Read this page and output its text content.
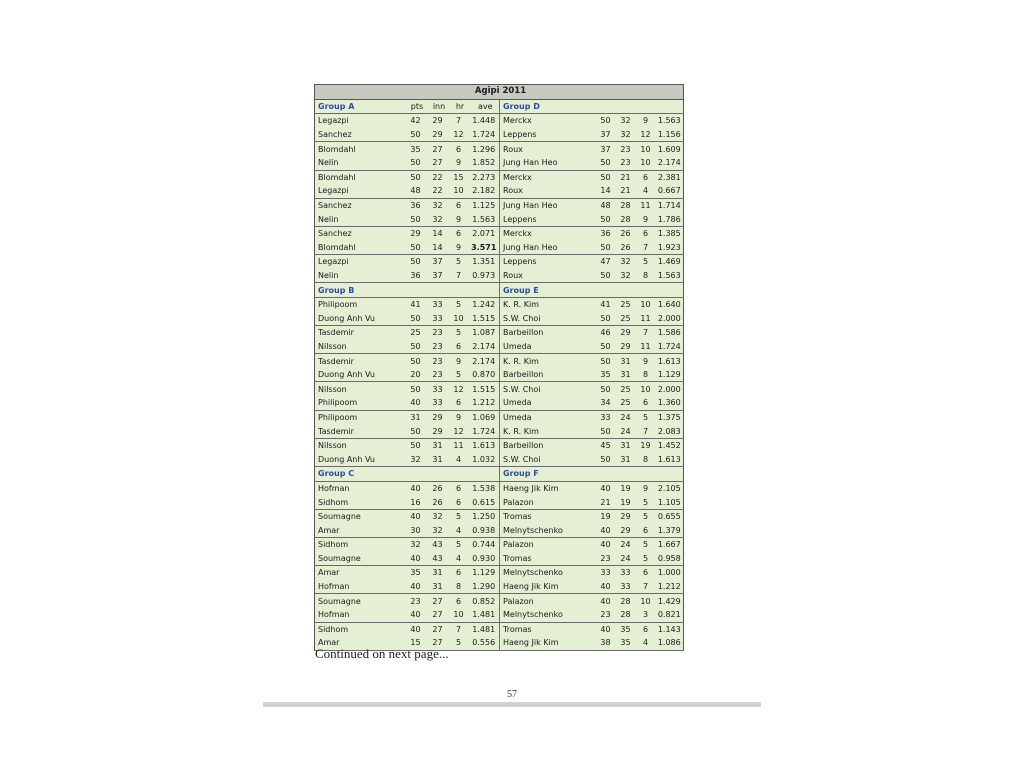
Agipi 2011									
Group A	pts	inn	hr	ave	Group D				
Legazpi	42	29	7	1.448	Merckx	50	32	9	1.563
Sanchez	50	29	12	1.724	Leppens	37	32	12	1.156
Blomdahl	35	27	6	1.296	Roux	37	23	10	1.609
Nelin	50	27	9	1.852	Jung Han Heo	50	23	10	2.174
Blomdahl	50	22	15	2.273	Merckx	50	21	6	2.381
Legazpi	48	22	10	2.182	Roux	14	21	4	0.667
Sanchez	36	32	6	1.125	Jung Han Heo	48	28	11	1.714
Nelin	50	32	9	1.563	Leppens	50	28	9	1.786
Sanchez	29	14	6	2.071	Merckx	36	26	6	1.385
Blomdahl	50	14	9	3.571	Jung Han Heo	50	26	7	1.923
Legazpi	50	37	5	1.351	Leppens	47	32	5	1.469
Nelin	36	37	7	0.973	Roux	50	32	8	1.563
Group B					Group E				
Philipoom	41	33	5	1.242	K. R. Kim	41	25	10	1.640
Duong Anh Vu	50	33	10	1.515	S.W. Choi	50	25	11	2.000
Tasdemir	25	23	5	1.087	Barbeillon	46	29	7	1.586
Nilsson	50	23	6	2.174	Umeda	50	29	11	1.724
Tasdemir	50	23	9	2.174	K. R. Kim	50	31	9	1.613
Duong Anh Vu	20	23	5	0.870	Barbeillon	35	31	8	1.129
Nilsson	50	33	12	1.515	S.W. Choi	50	25	10	2.000
Philipoom	40	33	6	1.212	Umeda	34	25	6	1.360
Philipoom	31	29	9	1.069	Umeda	33	24	5	1.375
Tasdemir	50	29	12	1.724	K. R. Kim	50	24	7	2.083
Nilsson	50	31	11	1.613	Barbeillon	45	31	19	1.452
Duong Anh Vu	32	31	4	1.032	S.W. Choi	50	31	8	1.613
Group C					Group F				
Hofman	40	26	6	1.538	Haeng Jik Kim	40	19	9	2.105
Sidhom	16	26	6	0.615	Palazon	21	19	5	1.105
Soumagne	40	32	5	1.250	Tromas	19	29	5	0.655
Amar	30	32	4	0.938	Melnytschenko	40	29	6	1.379
Sidhom	32	43	5	0.744	Palazon	40	24	5	1.667
Soumagne	40	43	4	0.930	Tromas	23	24	5	0.958
Amar	35	31	6	1.129	Melnytschenko	33	33	6	1.000
Hofman	40	31	8	1.290	Haeng Jik Kim	40	33	7	1.212
Soumagne	23	27	6	0.852	Palazon	40	28	10	1.429
Hofman	40	27	10	1.481	Melnytschenko	23	28	3	0.821
Sidhom	40	27	7	1.481	Tromas	40	35	6	1.143
Amar	15	27	5	0.556	Haeng Jik Kim	38	35	4	1.086
Continued on next page...
57
